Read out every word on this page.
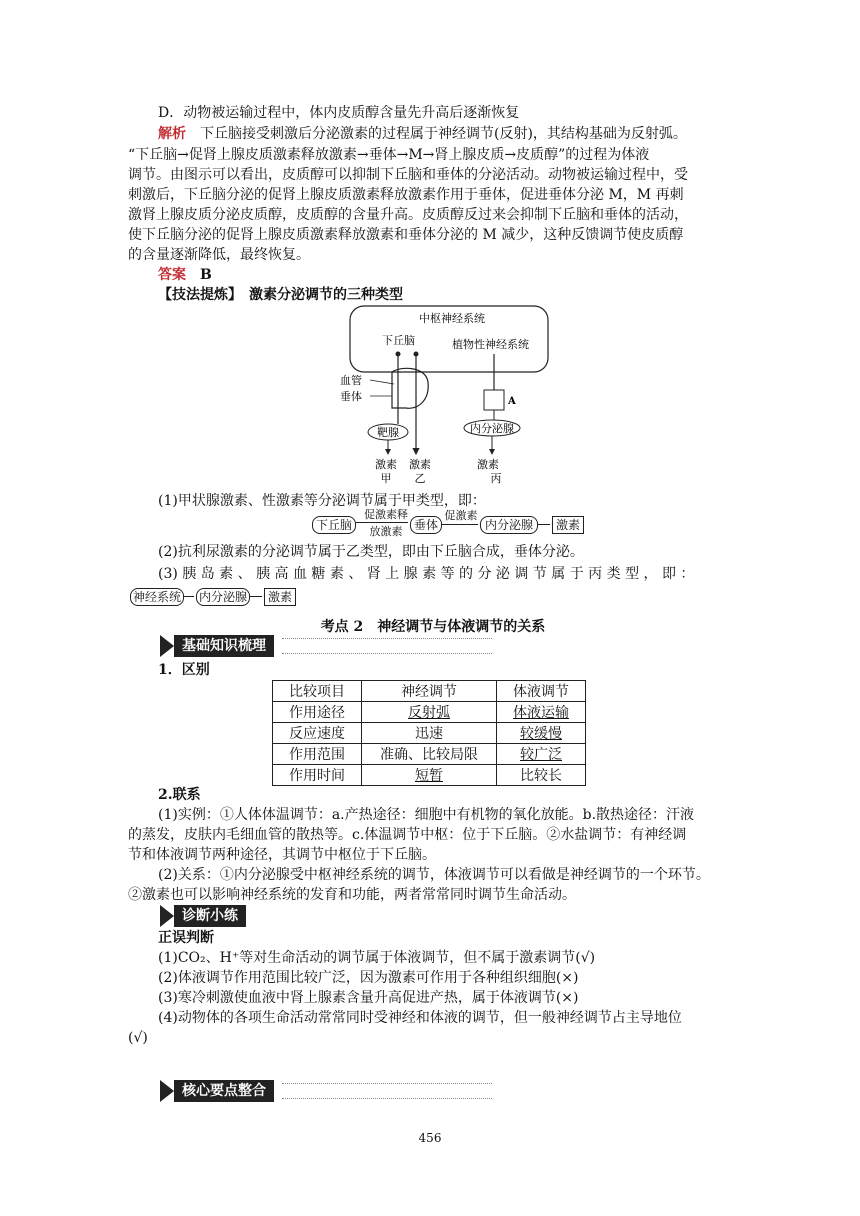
D．动物被运输过程中，体内皮质醇含量先升高后逐渐恢复
解析　 下丘脑接受刺激后分泌激素的过程属于神经调节(反射)，其结构基础为反射弧。
“下丘脑→促肾上腺皮质激素释放激素→垂体→M→肾上腺皮质→皮质醇”的过程为体液
调节。由图示可以看出，皮质醇可以抑制下丘脑和垂体的分泌活动。动物被运输过程中，受
刺激后，下丘脑分泌的促肾上腺皮质激素释放激素作用于垂体，促进垂体分泌 M，M 再刺
激肾上腺皮质分泌皮质醇，皮质醇的含量升高。皮质醇反过来会抑制下丘脑和垂体的活动，
使下丘脑分泌的促肾上腺皮质激素释放激素和垂体分泌的 M 减少，这种反馈调节使皮质醇
的含量逐渐降低，最终恢复。
答案　 B
【技法提炼】　激素分泌调节的三种类型
中枢神经系统
下丘脑	植物性神经系统
血管
垂体
靶腺
A
内分泌腺
激素
甲
激素
乙
激素
丙
(1)甲状腺激素、性激素等分泌调节属于甲类型，即：
下丘脑
促激素释
放激素 垂体
促激素
内分泌腺	激素
(2)抗利尿激素的分泌调节属于乙类型，即由下丘脑合成，垂体分泌。
(3) 胰 岛 素 、 胰 高 血 糖 素 、 肾 上 腺 素 等 的 分 泌 调 节 属 于 丙 类 型 ， 即 ：
神经系统 内分泌腺	激素
考点 2　神经调节与体液调节的关系
基础知识梳理
1．区别
比较项目	神经调节	体液调节
作用途径	反射弧	体液运输
反应速度	迅速	较缓慢
作用范围	准确、比较局限	较广泛
作用时间	短暂	比较长
2.联系
(1)实例：①人体体温调节：a.产热途径：细胞中有机物的氧化放能。b.散热途径：汗液
的蒸发，皮肤内毛细血管的散热等。c.体温调节中枢：位于下丘脑。②水盐调节：有神经调
节和体液调节两种途径，其调节中枢位于下丘脑。
(2)关系：①内分泌腺受中枢神经系统的调节，体液调节可以看做是神经调节的一个环节。
②激素也可以影响神经系统的发育和功能，两者常常同时调节生命活动。
诊断小练
正误判断
(1)CO₂、H⁺等对生命活动的调节属于体液调节，但不属于激素调节(√)
(2)体液调节作用范围比较广泛，因为激素可作用于各种组织细胞(×)
(3)寒冷刺激使血液中肾上腺素含量升高促进产热，属于体液调节(×)
(4)动物体的各项生命活动常常同时受神经和体液的调节，但一般神经调节占主导地位
(√)
核心要点整合
456
